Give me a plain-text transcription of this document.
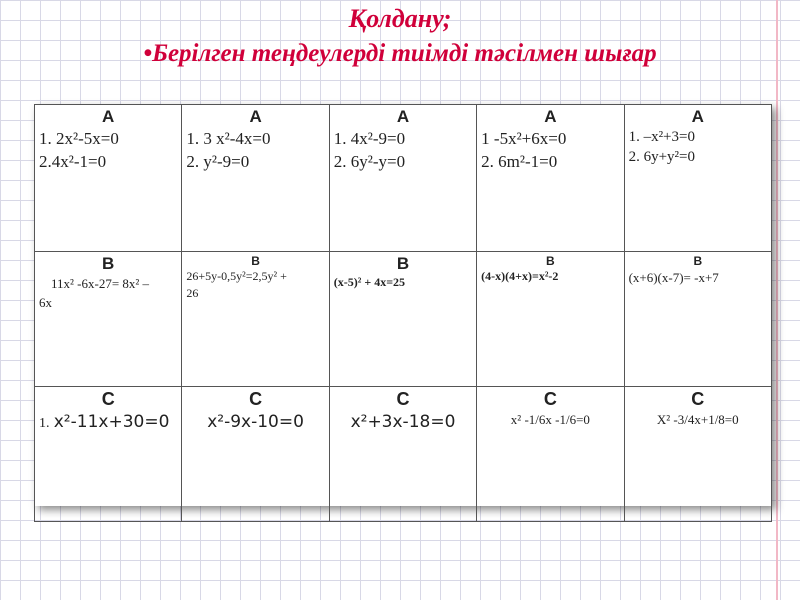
Қолдану;
•Берілген теңдеулерді тиімді тәсілмен шығар
A
1. 2x²-5x=0
2.4x²-1=0	A
1. 3 x²-4x=0
2. y²-9=0	A
1. 4x²-9=0
2. 6y²-y=0	A
1 -5x²+6x=0
2. 6m²-1=0	A
1. –x²+3=0
2. 6y+y²=0

B
11x² -6x-27= 8x² –
6x	B
26+5y-0,5y²=2,5y² +
26	B
(x-5)² + 4x=25	B
(4-x)(4+x)=x²-2	B
(x+6)(x-7)= -x+7

C
1. x²-11x+30=0	C
x²-9x-10=0	C
x²+3x-18=0	C
x² -1/6x -1/6=0	C
X² -3/4x+1/8=0
